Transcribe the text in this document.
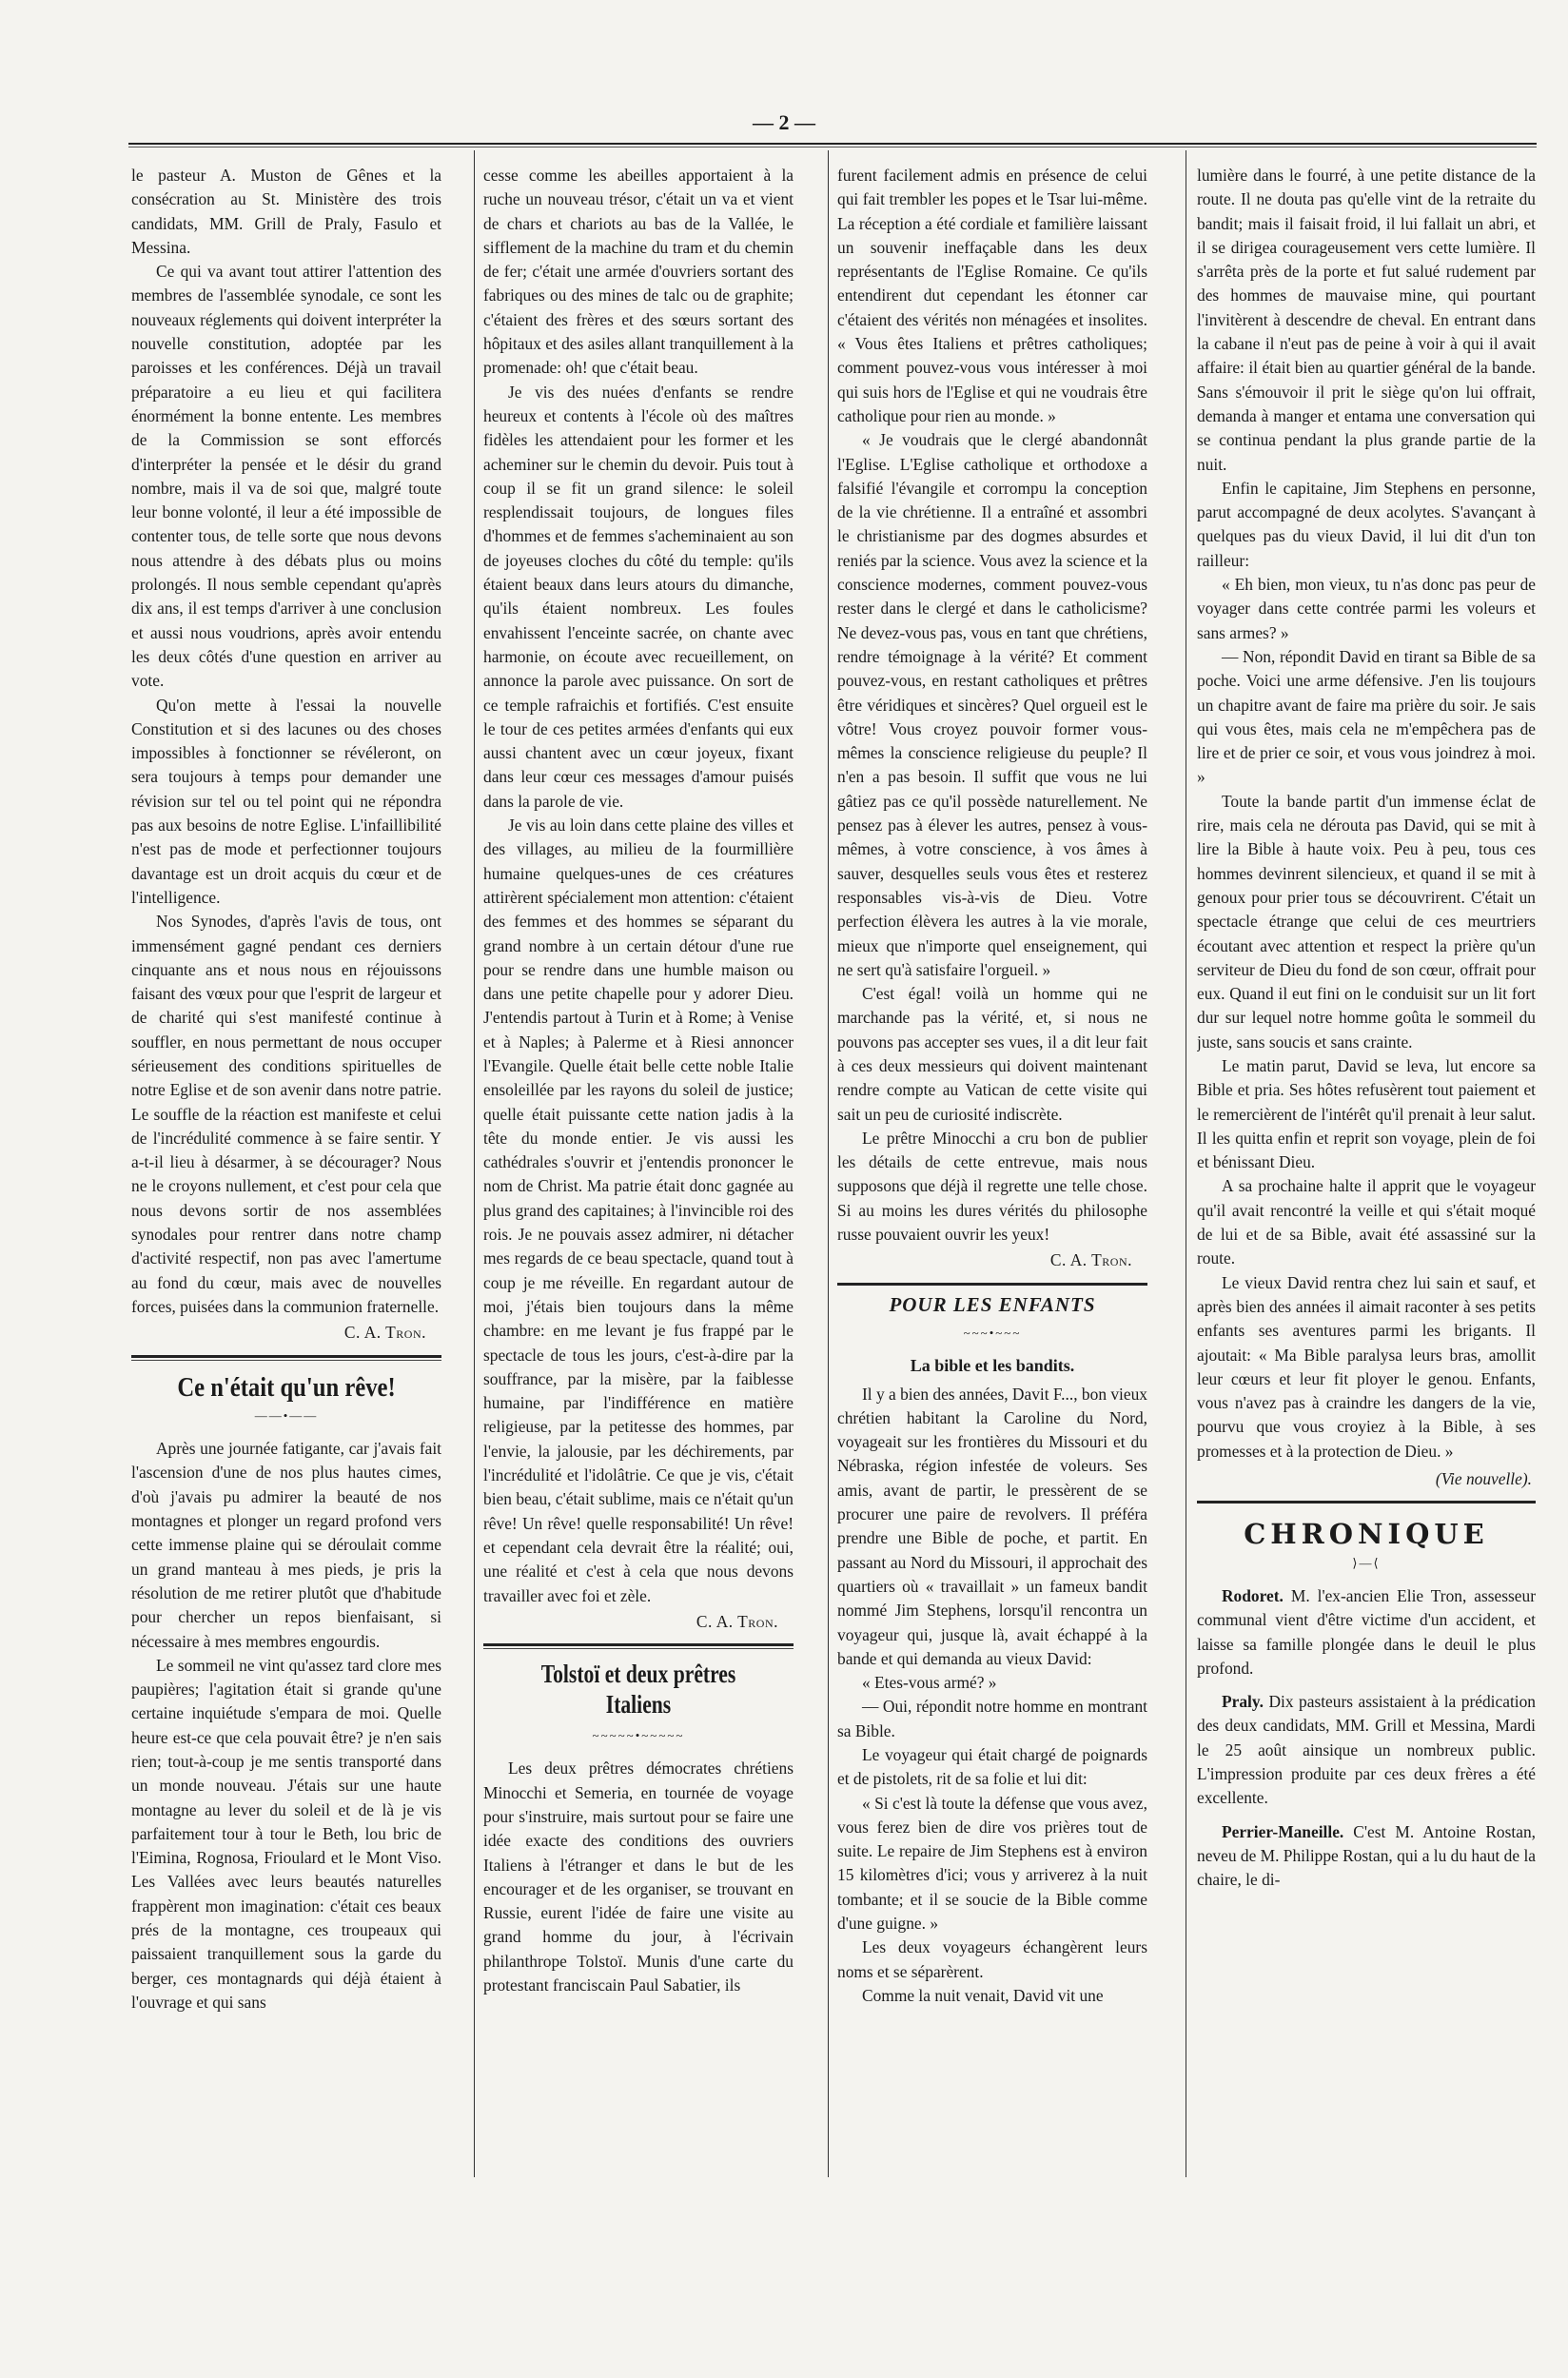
— 2 —

le pasteur A. Muston de Gênes et la consécration au St. Ministère des trois candidats, MM. Grill de Praly, Fasulo et Messina.

Ce qui va avant tout attirer l'attention des membres de l'assemblée synodale, ce sont les nouveaux réglements qui doivent interpréter la nouvelle constitution, adoptée par les paroisses et les conférences. Déjà un travail préparatoire a eu lieu et qui facilitera énormément la bonne entente. Les membres de la Commission se sont efforcés d'interpréter la pensée et le désir du grand nombre, mais il va de soi que, malgré toute leur bonne volonté, il leur a été impossible de contenter tous, de telle sorte que nous devons nous attendre à des débats plus ou moins prolongés. Il nous semble cependant qu'après dix ans, il est temps d'arriver à une conclusion et aussi nous voudrions, après avoir entendu les deux côtés d'une question en arriver au vote.

Qu'on mette à l'essai la nouvelle Constitution et si des lacunes ou des choses impossibles à fonctionner se révéleront, on sera toujours à temps pour demander une révision sur tel ou tel point qui ne répondra pas aux besoins de notre Eglise. L'infaillibilité n'est pas de mode et perfectionner toujours davantage est un droit acquis du cœur et de l'intelligence.

Nos Synodes, d'après l'avis de tous, ont immensément gagné pendant ces derniers cinquante ans et nous nous en réjouissons faisant des vœux pour que l'esprit de largeur et de charité qui s'est manifesté continue à souffler, en nous permettant de nous occuper sérieusement des conditions spirituelles de notre Eglise et de son avenir dans notre patrie. Le souffle de la réaction est manifeste et celui de l'incrédulité commence à se faire sentir. Y a-t-il lieu à désarmer, à se décourager? Nous ne le croyons nullement, et c'est pour cela que nous devons sortir de nos assemblées synodales pour rentrer dans notre champ d'activité respectif, non pas avec l'amertume au fond du cœur, mais avec de nouvelles forces, puisées dans la communion fraternelle.

C. A. Tron.
Ce n'était qu'un rêve!
——•——

Après une journée fatigante, car j'avais fait l'ascension d'une de nos plus hautes cimes, d'où j'avais pu admirer la beauté de nos montagnes et plonger un regard profond vers cette immense plaine qui se déroulait comme un grand manteau à mes pieds, je pris la résolution de me retirer plutôt que d'habitude pour chercher un repos bienfaisant, si nécessaire à mes membres engourdis.

Le sommeil ne vint qu'assez tard clore mes paupières; l'agitation était si grande qu'une certaine inquiétude s'empara de moi. Quelle heure est-ce que cela pouvait être? je n'en sais rien; tout-à-coup je me sentis transporté dans un monde nouveau. J'étais sur une haute montagne au lever du soleil et de là je vis parfaitement tour à tour le Beth, lou bric de l'Eimina, Rognosa, Frioulard et le Mont Viso. Les Vallées avec leurs beautés naturelles frappèrent mon imagination: c'était ces beaux prés de la montagne, ces troupeaux qui paissaient tranquillement sous la garde du berger, ces montagnards qui déjà étaient à l'ouvrage et qui sans

cesse comme les abeilles apportaient à la ruche un nouveau trésor, c'était un va et vient de chars et chariots au bas de la Vallée, le sifflement de la machine du tram et du chemin de fer; c'était une armée d'ouvriers sortant des fabriques ou des mines de talc ou de graphite; c'étaient des frères et des sœurs sortant des hôpitaux et des asiles allant tranquillement à la promenade: oh! que c'était beau.

Je vis des nuées d'enfants se rendre heureux et contents à l'école où des maîtres fidèles les attendaient pour les former et les acheminer sur le chemin du devoir. Puis tout à coup il se fit un grand silence: le soleil resplendissait toujours, de longues files d'hommes et de femmes s'acheminaient au son de joyeuses cloches du côté du temple: qu'ils étaient beaux dans leurs atours du dimanche, qu'ils étaient nombreux. Les foules envahissent l'enceinte sacrée, on chante avec harmonie, on écoute avec recueillement, on annonce la parole avec puissance. On sort de ce temple rafraichis et fortifiés. C'est ensuite le tour de ces petites armées d'enfants qui eux aussi chantent avec un cœur joyeux, fixant dans leur cœur ces messages d'amour puisés dans la parole de vie.

Je vis au loin dans cette plaine des villes et des villages, au milieu de la fourmillière humaine quelques-unes de ces créatures attirèrent spécialement mon attention: c'étaient des femmes et des hommes se séparant du grand nombre à un certain détour d'une rue pour se rendre dans une humble maison ou dans une petite chapelle pour y adorer Dieu. J'entendis partout à Turin et à Rome; à Venise et à Naples; à Palerme et à Riesi annoncer l'Evangile. Quelle était belle cette noble Italie ensoleillée par les rayons du soleil de justice; quelle était puissante cette nation jadis à la tête du monde entier. Je vis aussi les cathédrales s'ouvrir et j'entendis prononcer le nom de Christ. Ma patrie était donc gagnée au plus grand des capitaines; à l'invincible roi des rois. Je ne pouvais assez admirer, ni détacher mes regards de ce beau spectacle, quand tout à coup je me réveille. En regardant autour de moi, j'étais bien toujours dans la même chambre: en me levant je fus frappé par le spectacle de tous les jours, c'est-à-dire par la souffrance, par la misère, par la faiblesse humaine, par l'indifférence en matière religieuse, par la petitesse des hommes, par l'envie, la jalousie, par les déchirements, par l'incrédulité et l'idolâtrie. Ce que je vis, c'était bien beau, c'était sublime, mais ce n'était qu'un rêve! Un rêve! quelle responsabilité! Un rêve! et cependant cela devrait être la réalité; oui, une réalité et c'est à cela que nous devons travailler avec foi et zèle.

C. A. Tron.
Tolstoï et deux prêtres Italiens
~~~~~•~~~~~

Les deux prêtres démocrates chrétiens Minocchi et Semeria, en tournée de voyage pour s'instruire, mais surtout pour se faire une idée exacte des conditions des ouvriers Italiens à l'étranger et dans le but de les encourager et de les organiser, se trouvant en Russie, eurent l'idée de faire une visite au grand homme du jour, à l'écrivain philanthrope Tolstoï. Munis d'une carte du protestant franciscain Paul Sabatier, ils

furent facilement admis en présence de celui qui fait trembler les popes et le Tsar lui-même. La réception a été cordiale et familière laissant un souvenir ineffaçable dans les deux représentants de l'Eglise Romaine. Ce qu'ils entendirent dut cependant les étonner car c'étaient des vérités non ménagées et insolites. « Vous êtes Italiens et prêtres catholiques; comment pouvez-vous vous intéresser à moi qui suis hors de l'Eglise et qui ne voudrais être catholique pour rien au monde. »

« Je voudrais que le clergé abandonnât l'Eglise. L'Eglise catholique et orthodoxe a falsifié l'évangile et corrompu la conception de la vie chrétienne. Il a entraîné et assombri le christianisme par des dogmes absurdes et reniés par la science. Vous avez la science et la conscience modernes, comment pouvez-vous rester dans le clergé et dans le catholicisme? Ne devez-vous pas, vous en tant que chrétiens, rendre témoignage à la vérité? Et comment pouvez-vous, en restant catholiques et prêtres être véridiques et sincères? Quel orgueil est le vôtre! Vous croyez pouvoir former vous-mêmes la conscience religieuse du peuple? Il n'en a pas besoin. Il suffit que vous ne lui gâtiez pas ce qu'il possède naturellement. Ne pensez pas à élever les autres, pensez à vous-mêmes, à votre conscience, à vos âmes à sauver, desquelles seuls vous êtes et resterez responsables vis-à-vis de Dieu. Votre perfection élèvera les autres à la vie morale, mieux que n'importe quel enseignement, qui ne sert qu'à satisfaire l'orgueil. »

C'est égal! voilà un homme qui ne marchande pas la vérité, et, si nous ne pouvons pas accepter ses vues, il a dit leur fait à ces deux messieurs qui doivent maintenant rendre compte au Vatican de cette visite qui sait un peu de curiosité indiscrète.

Le prêtre Minocchi a cru bon de publier les détails de cette entrevue, mais nous supposons que déjà il regrette une telle chose. Si au moins les dures vérités du philosophe russe pouvaient ouvrir les yeux!

C. A. Tron.
POUR LES ENFANTS
~~~•~~~
La bible et les bandits.

Il y a bien des années, Davit F..., bon vieux chrétien habitant la Caroline du Nord, voyageait sur les frontières du Missouri et du Nébraska, région infestée de voleurs. Ses amis, avant de partir, le pressèrent de se procurer une paire de revolvers. Il préféra prendre une Bible de poche, et partit. En passant au Nord du Missouri, il approchait des quartiers où « travaillait » un fameux bandit nommé Jim Stephens, lorsqu'il rencontra un voyageur qui, jusque là, avait échappé à la bande et qui demanda au vieux David:

« Etes-vous armé? »

— Oui, répondit notre homme en montrant sa Bible.

Le voyageur qui était chargé de poignards et de pistolets, rit de sa folie et lui dit:

« Si c'est là toute la défense que vous avez, vous ferez bien de dire vos prières tout de suite. Le repaire de Jim Stephens est à environ 15 kilomètres d'ici; vous y arriverez à la nuit tombante; et il se soucie de la Bible comme d'une guigne. »

Les deux voyageurs échangèrent leurs noms et se séparèrent.

Comme la nuit venait, David vit une

lumière dans le fourré, à une petite distance de la route. Il ne douta pas qu'elle vint de la retraite du bandit; mais il faisait froid, il lui fallait un abri, et il se dirigea courageusement vers cette lumière. Il s'arrêta près de la porte et fut salué rudement par des hommes de mauvaise mine, qui pourtant l'invitèrent à descendre de cheval. En entrant dans la cabane il n'eut pas de peine à voir à qui il avait affaire: il était bien au quartier général de la bande. Sans s'émouvoir il prit le siège qu'on lui offrait, demanda à manger et entama une conversation qui se continua pendant la plus grande partie de la nuit.

Enfin le capitaine, Jim Stephens en personne, parut accompagné de deux acolytes. S'avançant à quelques pas du vieux David, il lui dit d'un ton railleur:

« Eh bien, mon vieux, tu n'as donc pas peur de voyager dans cette contrée parmi les voleurs et sans armes? »

— Non, répondit David en tirant sa Bible de sa poche. Voici une arme défensive. J'en lis toujours un chapitre avant de faire ma prière du soir. Je sais qui vous êtes, mais cela ne m'empêchera pas de lire et de prier ce soir, et vous vous joindrez à moi. »

Toute la bande partit d'un immense éclat de rire, mais cela ne dérouta pas David, qui se mit à lire la Bible à haute voix. Peu à peu, tous ces hommes devinrent silencieux, et quand il se mit à genoux pour prier tous se découvrirent. C'était un spectacle étrange que celui de ces meurtriers écoutant avec attention et respect la prière qu'un serviteur de Dieu du fond de son cœur, offrait pour eux. Quand il eut fini on le conduisit sur un lit fort dur sur lequel notre homme goûta le sommeil du juste, sans soucis et sans crainte.

Le matin parut, David se leva, lut encore sa Bible et pria. Ses hôtes refusèrent tout paiement et le remercièrent de l'intérêt qu'il prenait à leur salut. Il les quitta enfin et reprit son voyage, plein de foi et bénissant Dieu.

A sa prochaine halte il apprit que le voyageur qu'il avait rencontré la veille et qui s'était moqué de lui et de sa Bible, avait été assassiné sur la route.

Le vieux David rentra chez lui sain et sauf, et après bien des années il aimait raconter à ses petits enfants ses aventures parmi les brigants. Il ajoutait: « Ma Bible paralysa leurs bras, amollit leur cœurs et leur fit ployer le genou. Enfants, vous n'avez pas à craindre les dangers de la vie, pourvu que vous croyiez à la Bible, à ses promesses et à la protection de Dieu. »

(Vie nouvelle).
CHRONIQUE
⟩—⟨

Rodoret. M. l'ex-ancien Elie Tron, assesseur communal vient d'être victime d'un accident, et laisse sa famille plongée dans le deuil le plus profond.

Praly. Dix pasteurs assistaient à la prédication des deux candidats, MM. Grill et Messina, Mardi le 25 août ainsique un nombreux public. L'impression produite par ces deux frères a été excellente.

Perrier-Maneille. C'est M. Antoine Rostan, neveu de M. Philippe Rostan, qui a lu du haut de la chaire, le di-
